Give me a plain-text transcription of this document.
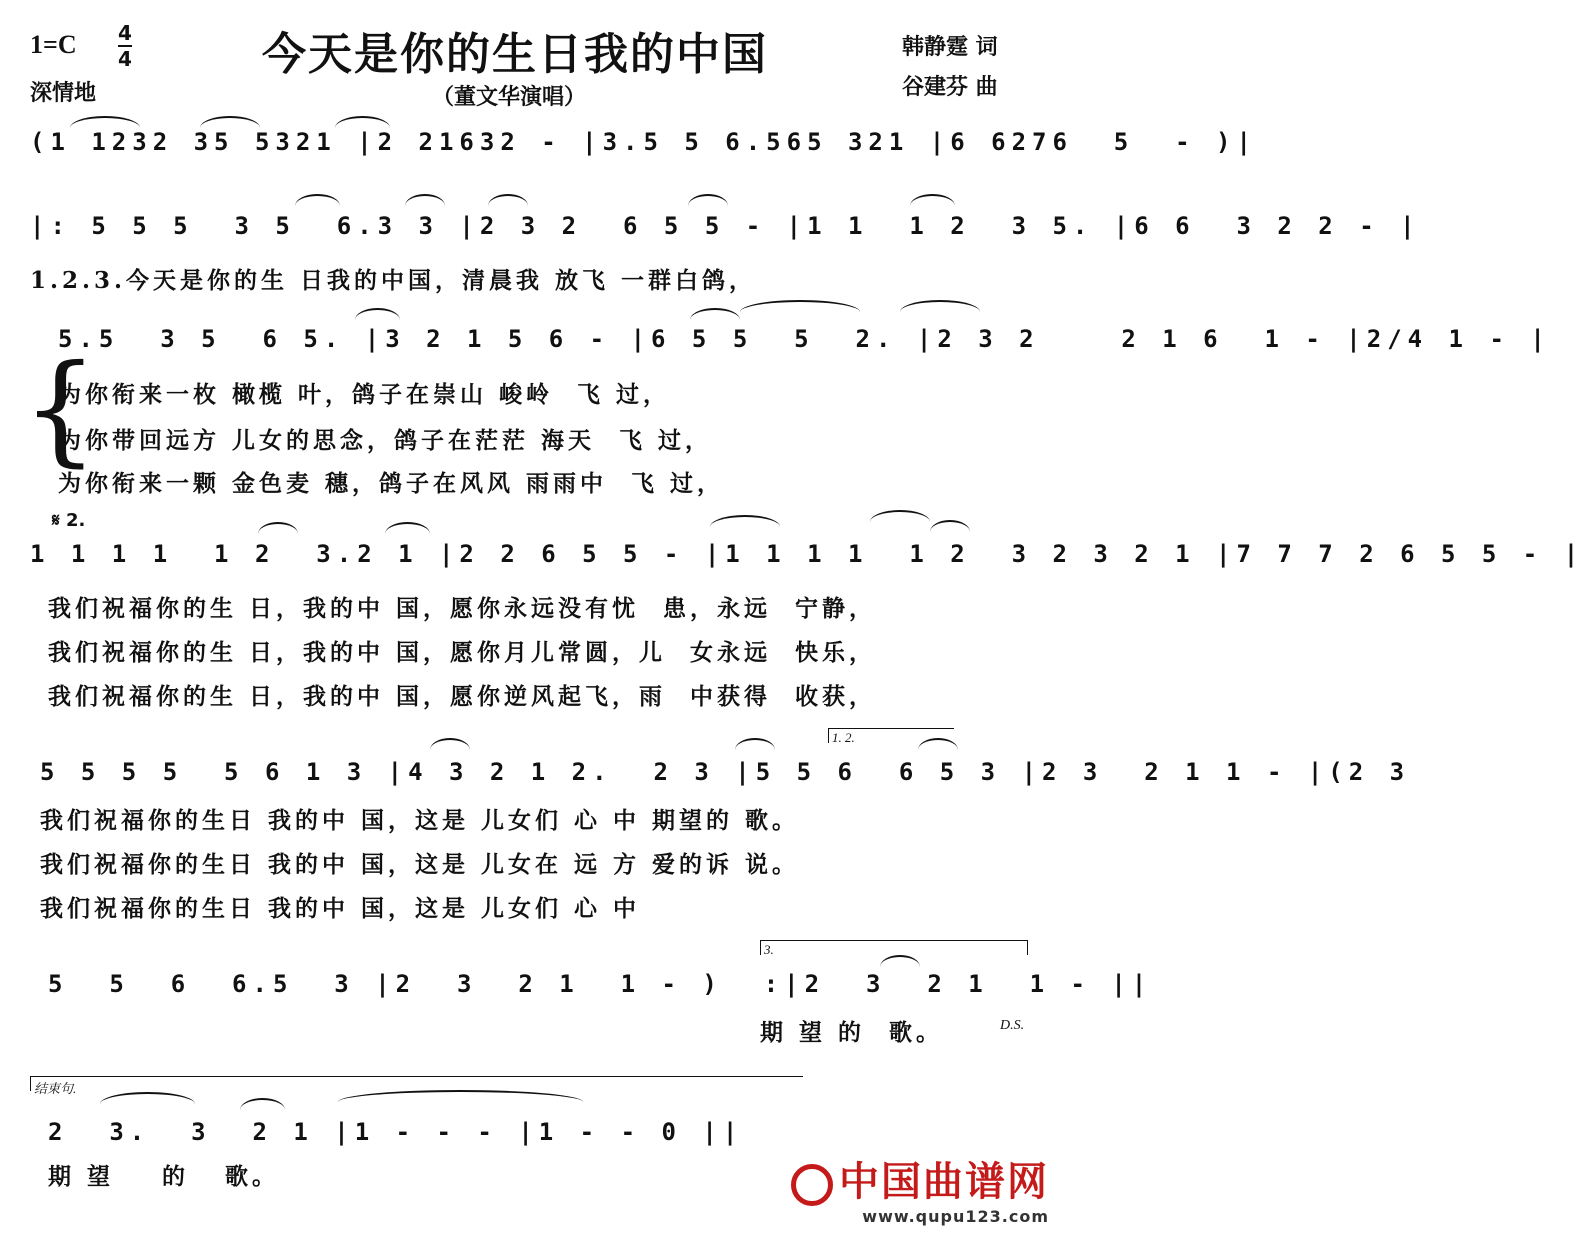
1=C 4
4	今天是你的生日我的中国	韩静霆 词
谷建芬 曲
深情地	（董文华演唱）
(1 1232 35 5321 |2 21632 - |3.5 5 6.565 321 |6 6276  5  - )|
|: 5 5 5  3 5  6.3 3 |2 3 2  6 5 5 - |1 1  1 2  3 5. |6 6  3 2 2 - |
1.2.3.今天是你的生 日我的中国，清晨我 放飞 一群白鸽，
5.5  3 5  6 5. |3 2 1 5 6 - |6 5 5  5  2. |2 3 2    2 1 6  1 - |2/4 1 - |
{
为你衔来一枚 橄榄 叶，鸽子在崇山 峻岭  飞 过，
为你带回远方 儿女的思念，鸽子在茫茫 海天  飞 过，
为你衔来一颗 金色麦 穗，鸽子在风风 雨雨中  飞 过，
𝄋 2.
1 1 1 1  1 2  3.2 1 |2 2 6 5 5 - |1 1 1 1  1 2  3 2 3 2 1 |7 7 7 2 6 5 5 - |
我们祝福你的生 日，我的中 国，愿你永远没有忧  患，永远  宁静，
我们祝福你的生 日，我的中 国，愿你月儿常圆，儿  女永远  快乐，
我们祝福你的生 日，我的中 国，愿你逆风起飞，雨  中获得  收获，
1. 2.
5 5 5 5  5 6 1 3 |4 3 2 1 2.  2 3 |5 5 6  6 5 3 |2 3  2 1 1 - |(2 3
我们祝福你的生日 我的中 国，这是 儿女们 心 中 期望的 歌。
我们祝福你的生日 我的中 国，这是 儿女在 远 方 爱的诉 说。
我们祝福你的生日 我的中 国，这是 儿女们 心 中
3.
5  5  6  6.5  3 |2  3  2 1  1 - )  :|2  3  2 1  1 - ||
期 望 的  歌。	D.S.
结束句.
2  3.  3  2 1 |1 - - - |1 - - 0 ||
期 望    的   歌。	中国曲谱网
www.qupu123.com
